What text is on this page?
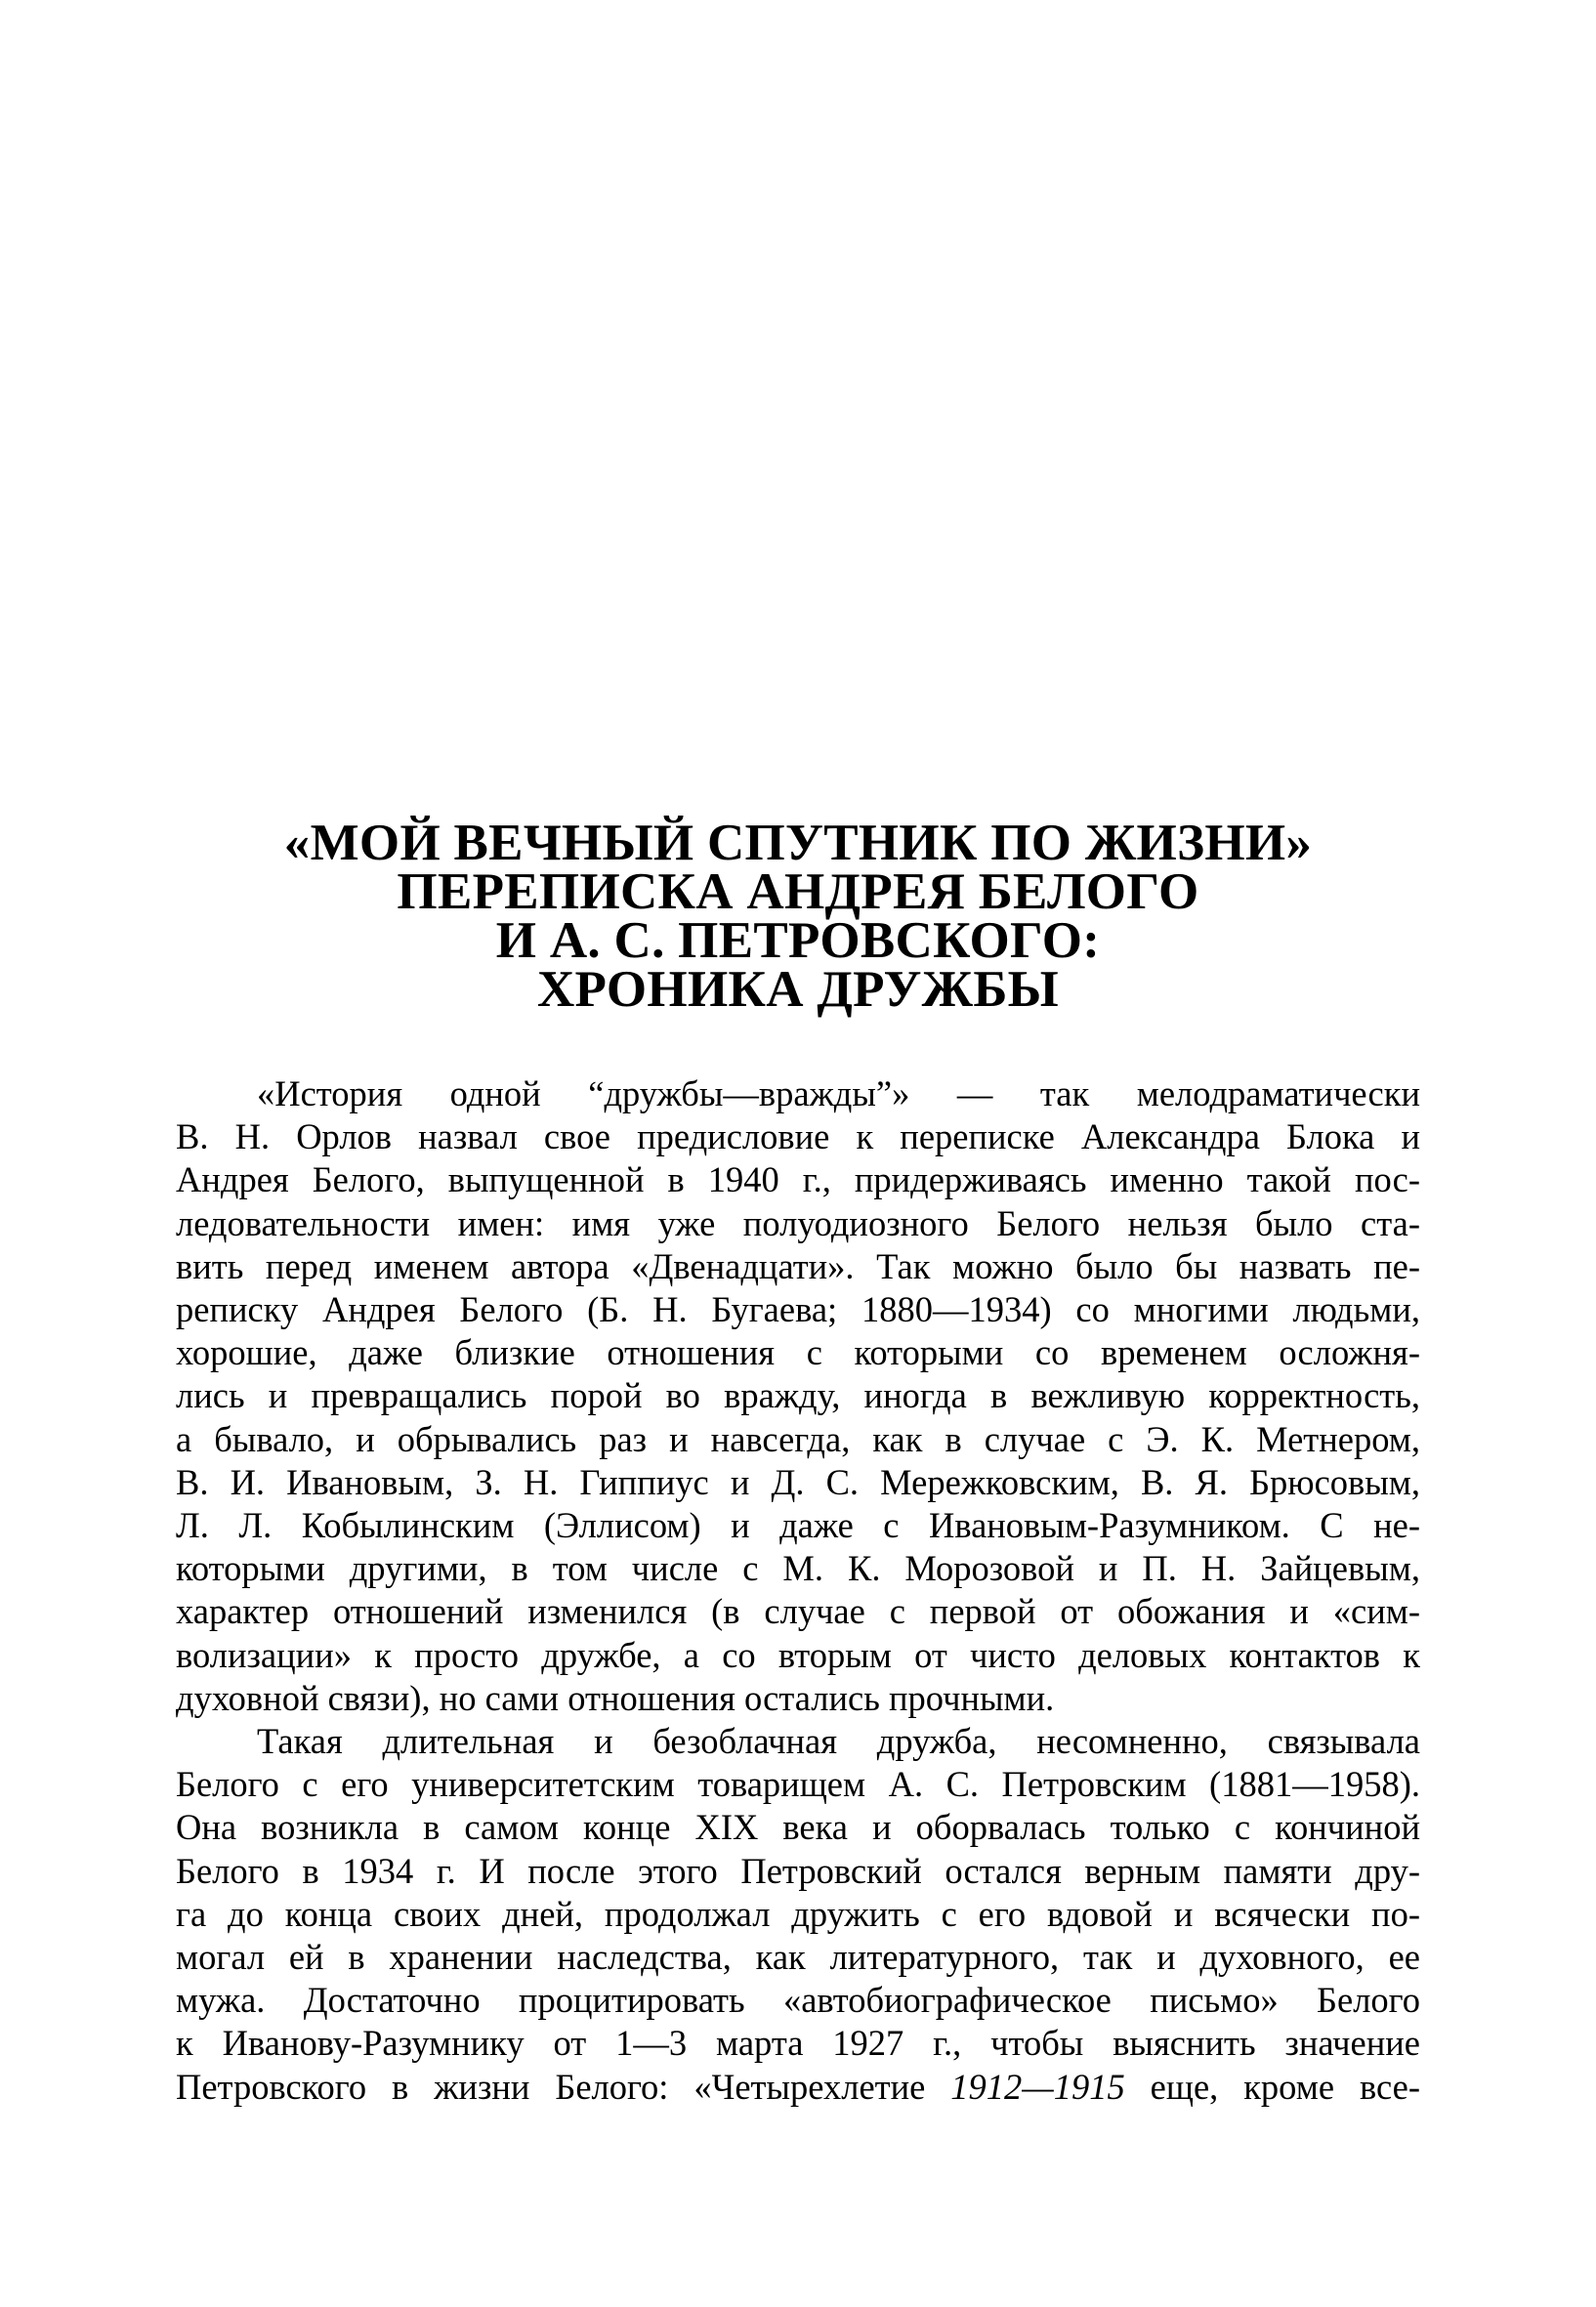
«МОЙ ВЕЧНЫЙ СПУТНИК ПО ЖИЗНИ»
ПЕРЕПИСКА АНДРЕЯ БЕЛОГО
И А. С. ПЕТРОВСКОГО:
ХРОНИКА ДРУЖБЫ
«История одной “дружбы—вражды”» — так мелодраматически
В. Н. Орлов назвал свое предисловие к переписке Александра Блока и
Андрея Белого, выпущенной в 1940 г., придерживаясь именно такой пос-
ледовательности имен: имя уже полуодиозного Белого нельзя было ста-
вить перед именем автора «Двенадцати». Так можно было бы назвать пе-
реписку Андрея Белого (Б. Н. Бугаева; 1880—1934) со многими людьми,
хорошие, даже близкие отношения с которыми со временем осложня-
лись и превращались порой во вражду, иногда в вежливую корректность,
а бывало, и обрывались раз и навсегда, как в случае с Э. К. Метнером,
В. И. Ивановым, З. Н. Гиппиус и Д. С. Мережковским, В. Я. Брюсовым,
Л. Л. Кобылинским (Эллисом) и даже с Ивановым-Разумником. С не-
которыми другими, в том числе с М. К. Морозовой и П. Н. Зайцевым,
характер отношений изменился (в случае с первой от обожания и «сим-
волизации» к просто дружбе, а со вторым от чисто деловых контактов к
духовной связи), но сами отношения остались прочными.
Такая длительная и безоблачная дружба, несомненно, связывала
Белого с его университетским товарищем А. С. Петровским (1881—1958).
Она возникла в самом конце XIX века и оборвалась только с кончиной
Белого в 1934 г. И после этого Петровский остался верным памяти дру-
га до конца своих дней, продолжал дружить с его вдовой и всячески по-
могал ей в хранении наследства, как литературного, так и духовного, ее
мужа. Достаточно процитировать «автобиографическое письмо» Белого
к Иванову-Разумнику от 1—3 марта 1927 г., чтобы выяснить значение
Петровского в жизни Белого: «Четырехлетие 1912—1915 еще, кроме все-
